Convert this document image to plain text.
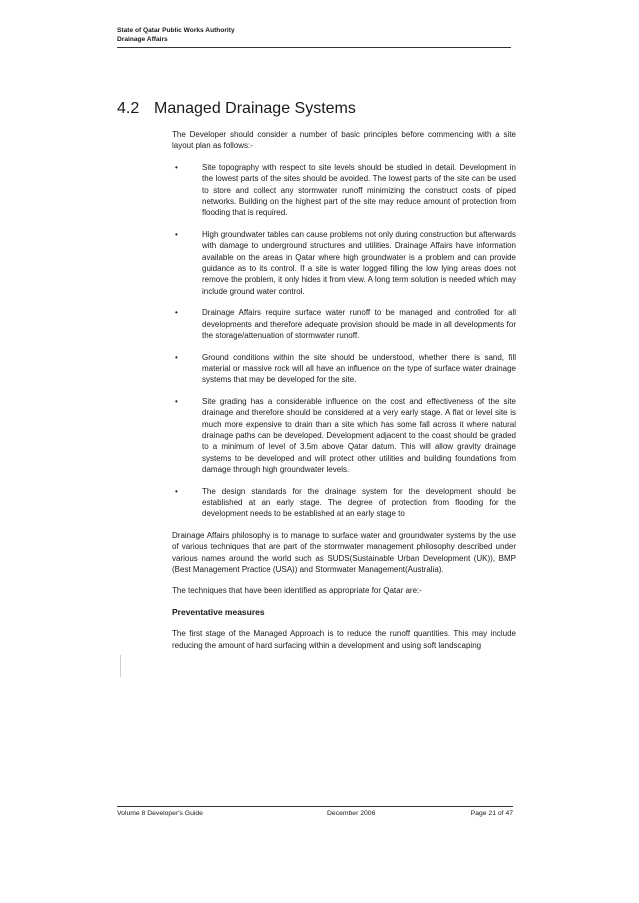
State of Qatar Public Works Authority
Drainage Affairs
4.2 Managed Drainage Systems

The Developer should consider a number of basic principles before commencing with a site layout plan as follows:-

•	Site topography with respect to site levels should be studied in detail. Development in the lowest parts of the sites should be avoided. The lowest parts of the site can be used to store and collect any stormwater runoff minimizing the construct costs of piped networks. Building on the highest part of the site may reduce amount of protection from flooding that is required.
•	High groundwater tables can cause problems not only during construction but afterwards with damage to underground structures and utilities. Drainage Affairs have information available on the areas in Qatar where high groundwater is a problem and can provide guidance as to its control. If a site is water logged filling the low lying areas does not remove the problem, it only hides it from view. A long term solution is needed which may include ground water control.
•	Drainage Affairs require surface water runoff to be managed and controlled for all developments and therefore adequate provision should be made in all developments for the storage/attenuation of stormwater runoff.
•	Ground conditions within the site should be understood, whether there is sand, fill material or massive rock will all have an influence on the type of surface water drainage systems that may be developed for the site.
•	Site grading has a considerable influence on the cost and effectiveness of the site drainage and therefore should be considered at a very early stage. A flat or level site is much more expensive to drain than a site which has some fall across it where natural drainage paths can be developed. Development adjacent to the coast should be graded to a minimum of level of 3.5m above Qatar datum. This will allow gravity drainage systems to be developed and will protect other utilities and building foundations from damage through high groundwater levels.
•	The design standards for the drainage system for the development should be established at an early stage. The degree of protection from flooding for the development needs to be established at an early stage to

Drainage Affairs philosophy is to manage to surface water and groundwater systems by the use of various techniques that are part of the stormwater management philosophy described under various names around the world such as SUDS(Sustainable Urban Development (UK)), BMP (Best Management Practice (USA)) and Stormwater Management(Australia).

The techniques that have been identified as appropriate for Qatar are:-

Preventative measures

The first stage of the Managed Approach is to reduce the runoff quantities. This may include reducing the amount of hard surfacing within a development and using soft landscaping

Volume 8 Developer's Guide	December 2006	Page 21 of 47
